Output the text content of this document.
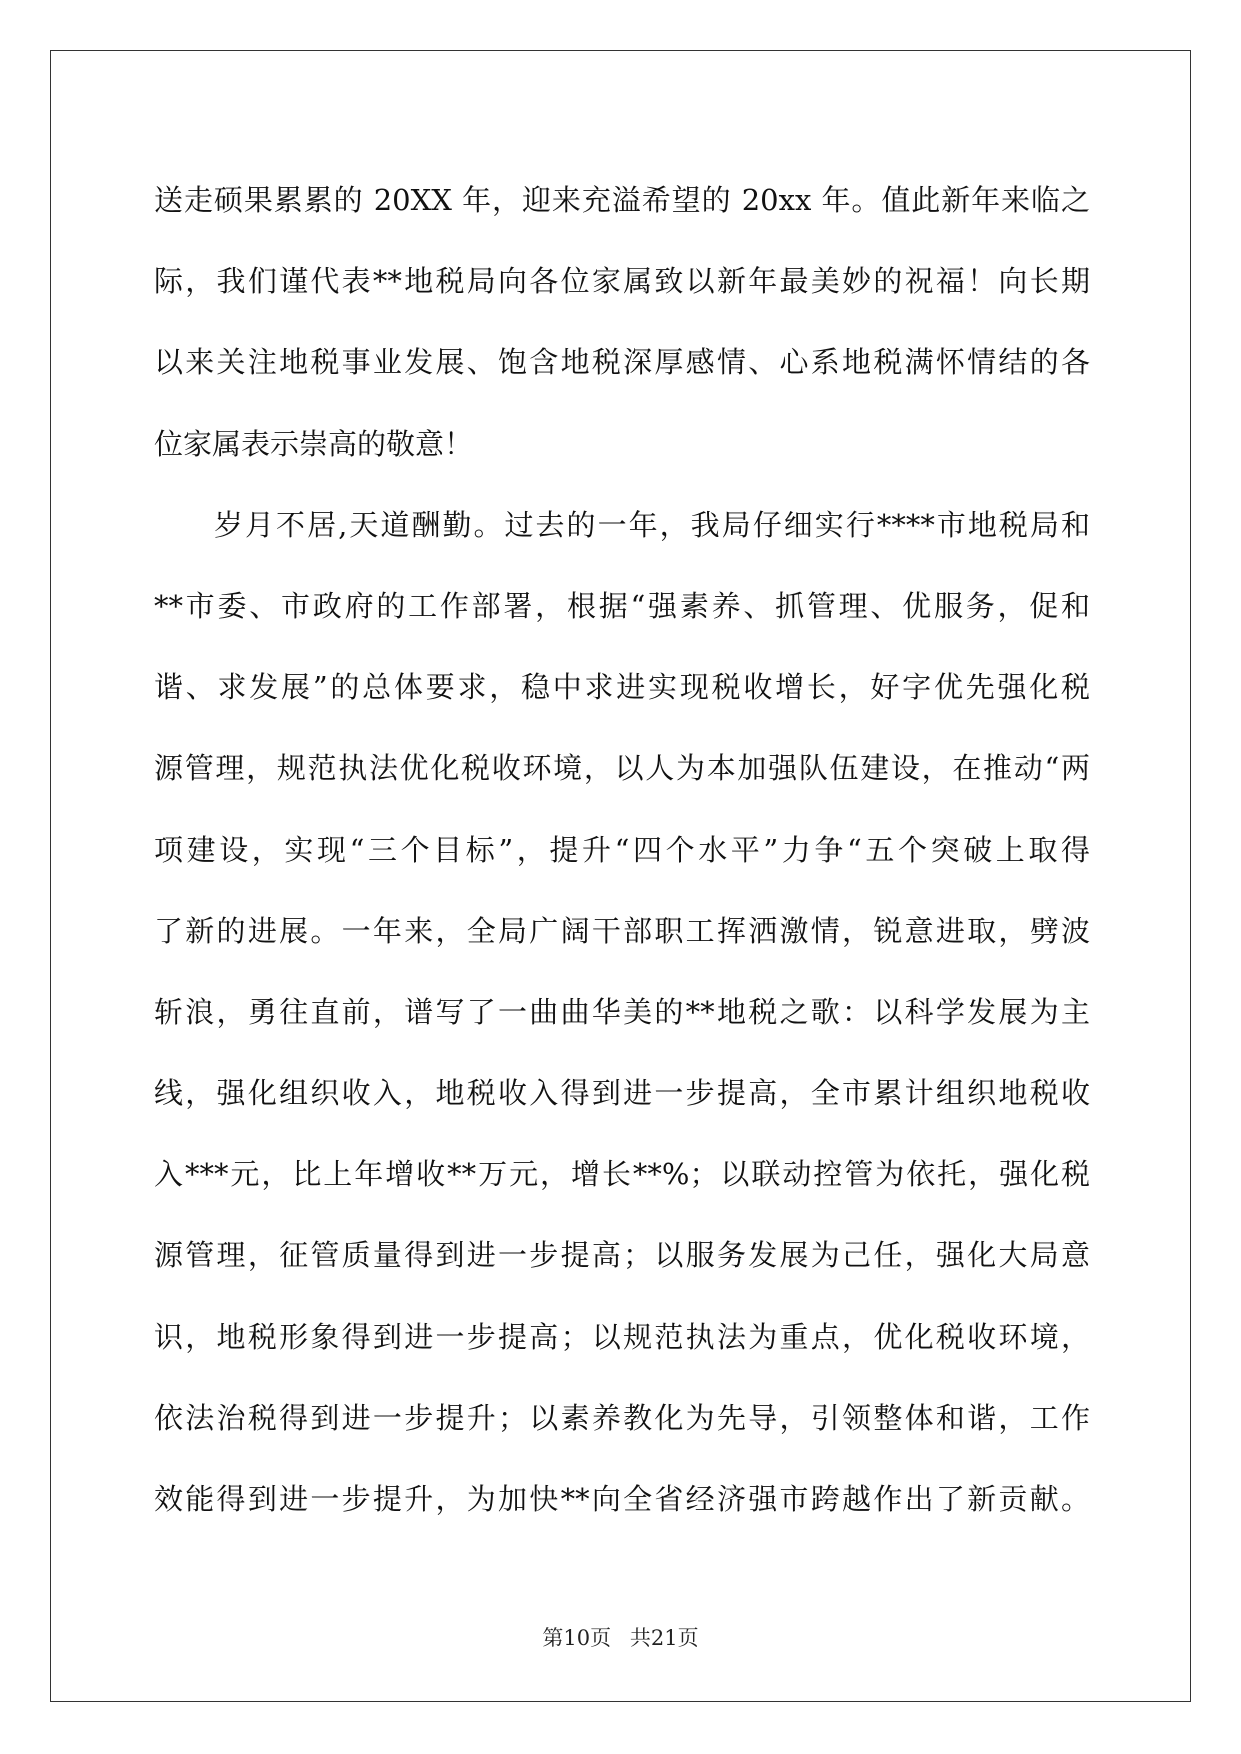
送走硕果累累的 20XX 年，迎来充溢希望的 20xx 年。值此新年来临之
际，我们谨代表**地税局向各位家属致以新年最美妙的祝福！向长期
以来关注地税事业发展、饱含地税深厚感情、心系地税满怀情结的各
位家属表示崇高的敬意！
岁月不居,天道酬勤。过去的一年，我局仔细实行****市地税局和
**市委、市政府的工作部署，根据“强素养、抓管理、优服务，促和
谐、求发展”的总体要求，稳中求进实现税收增长，好字优先强化税
源管理，规范执法优化税收环境，以人为本加强队伍建设，在推动“两
项建设，实现“三个目标”，提升“四个水平”力争“五个突破上取得
了新的进展。一年来，全局广阔干部职工挥洒激情，锐意进取，劈波
斩浪，勇往直前，谱写了一曲曲华美的**地税之歌：以科学发展为主
线，强化组织收入，地税收入得到进一步提高，全市累计组织地税收
入***元，比上年增收**万元，增长**%；以联动控管为依托，强化税
源管理，征管质量得到进一步提高；以服务发展为己任，强化大局意
识，地税形象得到进一步提高；以规范执法为重点，优化税收环境，
依法治税得到进一步提升；以素养教化为先导，引领整体和谐，工作
效能得到进一步提升，为加快**向全省经济强市跨越作出了新贡献。
第10页 共21页
